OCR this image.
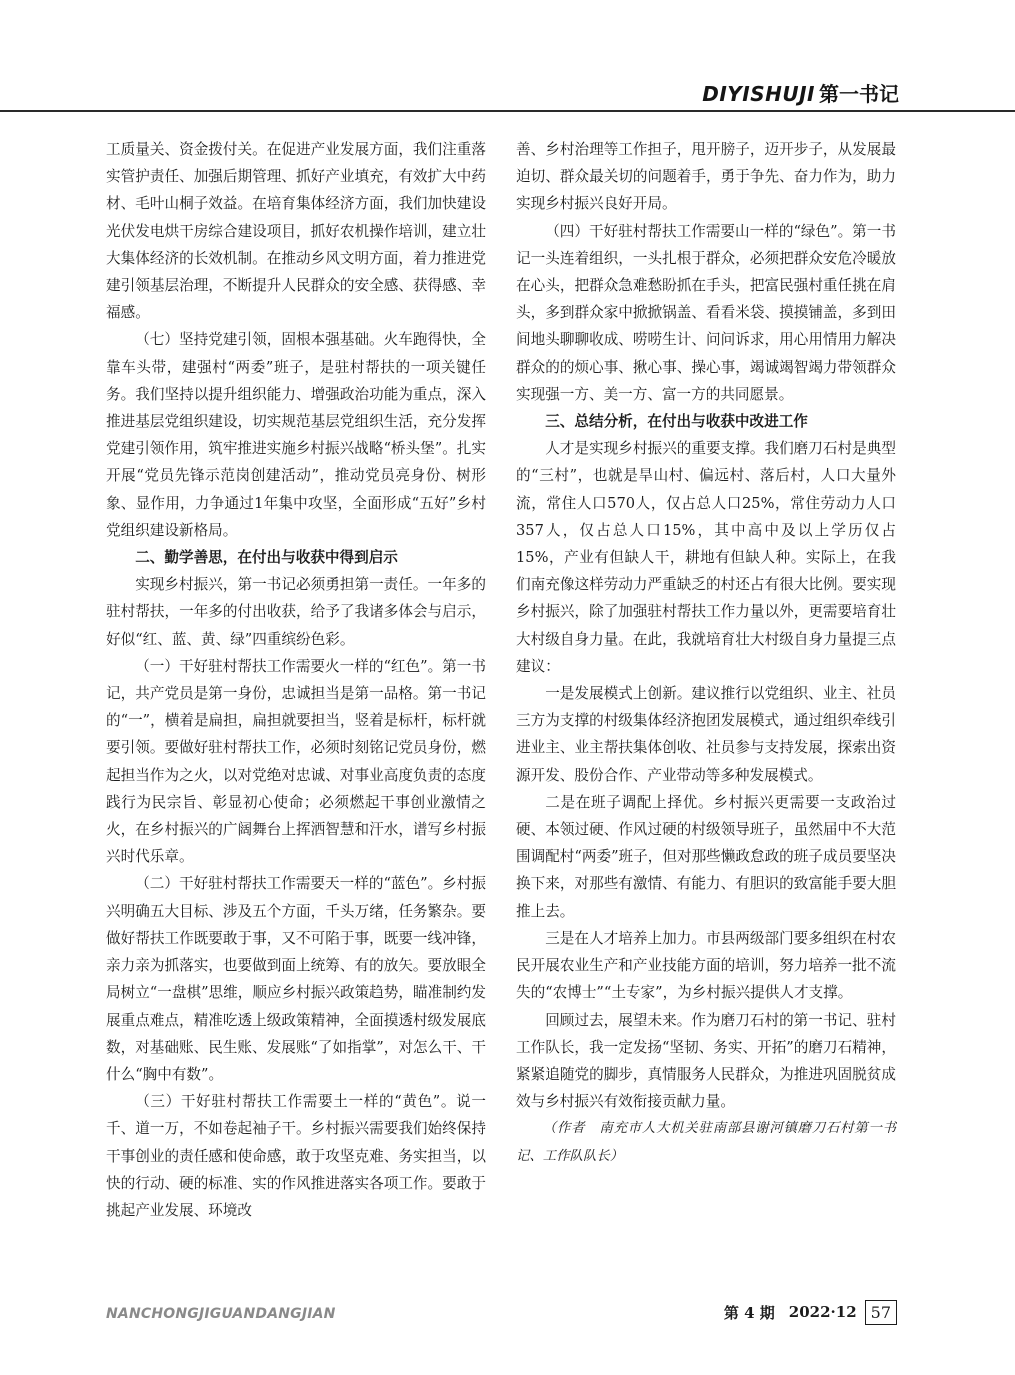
DIYISHUJI 第一书记

工质量关、资金拨付关。在促进产业发展方面，我们注重落实管护责任、加强后期管理、抓好产业填充，有效扩大中药材、毛叶山桐子效益。在培育集体经济方面，我们加快建设光伏发电烘干房综合建设项目，抓好农机操作培训，建立壮大集体经济的长效机制。在推动乡风文明方面，着力推进党建引领基层治理，不断提升人民群众的安全感、获得感、幸福感。

（七）坚持党建引领，固根本强基础。火车跑得快，全靠车头带，建强村“两委”班子，是驻村帮扶的一项关键任务。我们坚持以提升组织能力、增强政治功能为重点，深入推进基层党组织建设，切实规范基层党组织生活，充分发挥党建引领作用，筑牢推进实施乡村振兴战略“桥头堡”。扎实开展“党员先锋示范岗创建活动”，推动党员亮身份、树形象、显作用，力争通过1年集中攻坚，全面形成“五好”乡村党组织建设新格局。

二、勤学善思，在付出与收获中得到启示

实现乡村振兴，第一书记必须勇担第一责任。一年多的驻村帮扶，一年多的付出收获，给予了我诸多体会与启示，好似“红、蓝、黄、绿”四重缤纷色彩。

（一）干好驻村帮扶工作需要火一样的“红色”。第一书记，共产党员是第一身份，忠诚担当是第一品格。第一书记的“一”，横着是扁担，扁担就要担当，竖着是标杆，标杆就要引领。要做好驻村帮扶工作，必须时刻铭记党员身份，燃起担当作为之火，以对党绝对忠诚、对事业高度负责的态度践行为民宗旨、彰显初心使命；必须燃起干事创业激情之火，在乡村振兴的广阔舞台上挥洒智慧和汗水，谱写乡村振兴时代乐章。

（二）干好驻村帮扶工作需要天一样的“蓝色”。乡村振兴明确五大目标、涉及五个方面，千头万绪，任务繁杂。要做好帮扶工作既要敢于事，又不可陷于事，既要一线冲锋，亲力亲为抓落实，也要做到面上统筹、有的放矢。要放眼全局树立“一盘棋”思维，顺应乡村振兴政策趋势，瞄准制约发展重点难点，精准吃透上级政策精神，全面摸透村级发展底数，对基础账、民生账、发展账“了如指掌”，对怎么干、干什么“胸中有数”。

（三）干好驻村帮扶工作需要土一样的“黄色”。说一千、道一万，不如卷起袖子干。乡村振兴需要我们始终保持干事创业的责任感和使命感，敢于攻坚克难、务实担当，以快的行动、硬的标准、实的作风推进落实各项工作。要敢于挑起产业发展、环境改

善、乡村治理等工作担子，甩开膀子，迈开步子，从发展最迫切、群众最关切的问题着手，勇于争先、奋力作为，助力实现乡村振兴良好开局。

（四）干好驻村帮扶工作需要山一样的“绿色”。第一书记一头连着组织，一头扎根于群众，必须把群众安危冷暖放在心头，把群众急难愁盼抓在手头，把富民强村重任挑在肩头，多到群众家中掀掀锅盖、看看米袋、摸摸铺盖，多到田间地头聊聊收成、唠唠生计、问问诉求，用心用情用力解决群众的的烦心事、揪心事、操心事，竭诚竭智竭力带领群众实现强一方、美一方、富一方的共同愿景。

三、总结分析，在付出与收获中改进工作

人才是实现乡村振兴的重要支撑。我们磨刀石村是典型的“三村”，也就是旱山村、偏远村、落后村，人口大量外流，常住人口570人，仅占总人口25%，常住劳动力人口357人，仅占总人口15%，其中高中及以上学历仅占15%，产业有但缺人干，耕地有但缺人种。实际上，在我们南充像这样劳动力严重缺乏的村还占有很大比例。要实现乡村振兴，除了加强驻村帮扶工作力量以外，更需要培育壮大村级自身力量。在此，我就培育壮大村级自身力量提三点建议：

一是发展模式上创新。建议推行以党组织、业主、社员三方为支撑的村级集体经济抱团发展模式，通过组织牵线引进业主、业主帮扶集体创收、社员参与支持发展，探索出资源开发、股份合作、产业带动等多种发展模式。

二是在班子调配上择优。乡村振兴更需要一支政治过硬、本领过硬、作风过硬的村级领导班子，虽然届中不大范围调配村“两委”班子，但对那些懒政怠政的班子成员要坚决换下来，对那些有激情、有能力、有胆识的致富能手要大胆推上去。

三是在人才培养上加力。市县两级部门要多组织在村农民开展农业生产和产业技能方面的培训，努力培养一批不流失的“农博士”“土专家”，为乡村振兴提供人才支撑。

回顾过去，展望未来。作为磨刀石村的第一书记、驻村工作队长，我一定发扬“坚韧、务实、开拓”的磨刀石精神，紧紧追随党的脚步，真情服务人民群众，为推进巩固脱贫成效与乡村振兴有效衔接贡献力量。

（作者　南充市人大机关驻南部县谢河镇磨刀石村第一书记、工作队队长）

NANCHONGJIGUANDANGJIAN	第 4 期 2022·12 57
